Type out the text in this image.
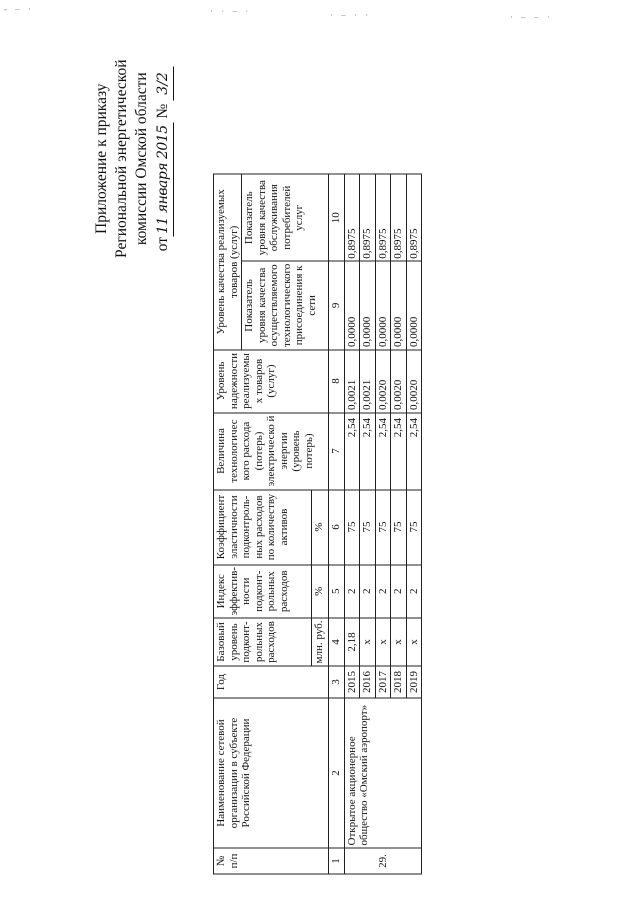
- ‒ ·	· · ‒ ·	· ‒ · ·	· ‒ ‒ ·
Приложение к приказу Региональной энергетической комиссии Омской области от11 января 2015 №3/2
№ п/п	Наименование сетевой организации в субъекте Российской Федерации	Год	Базовый уровень подконт-рольных расходов	Индекс эффектив-ности подконт-рольных расходов	Коэффициент эластичности подконтроль-ных расходов по количеству активов	Величина технологичес кого расхода (потерь) электрическо й энергии (уровень потерь)	Уровень надежности реализуемы х товаров (услуг)	Уровень качества реализуемых товаров (услуг)	
								Показатель уровня качества осуществляемого технологического присоединения к сети	Показатель уровня качества обслуживания потребителей услуг
			млн. руб.	%	%				
1	2	3	4	5	6	7	8	9	10
29.	Открытое акционерное общество «Омский аэропорт»	2015	2,18	2	75	2,54	0,0021	0,0000	0,8975
		2016	х	2	75	2,54	0,0021	0,0000	0,8975
		2017	х	2	75	2,54	0,0020	0,0000	0,8975
		2018	х	2	75	2,54	0,0020	0,0000	0,8975
		2019	х	2	75	2,54	0,0020	0,0000	0,8975
